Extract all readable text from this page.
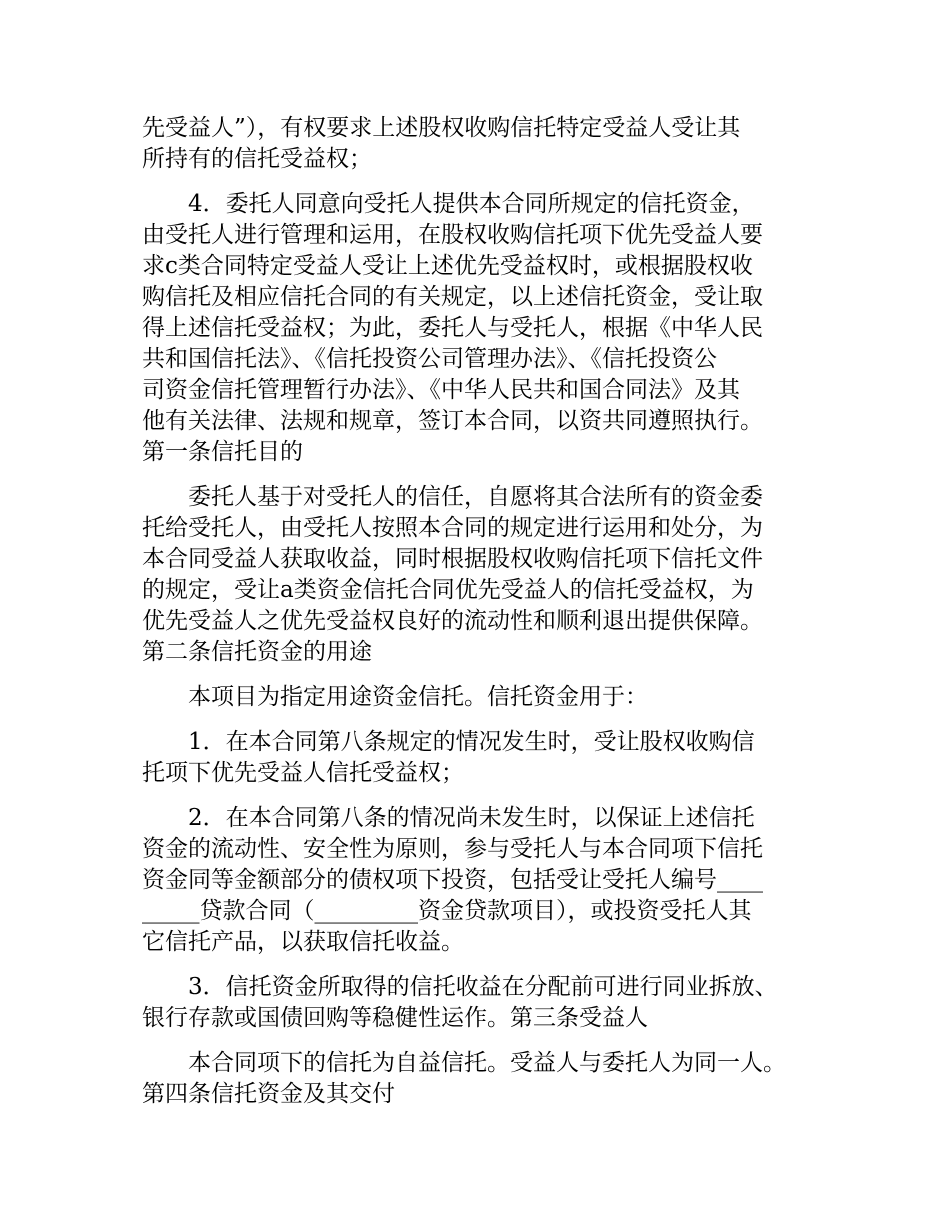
先受益人”），有权要求上述股权收购信托特定受益人受让其
所持有的信托受益权；

4．委托人同意向受托人提供本合同所规定的信托资金，
由受托人进行管理和运用，在股权收购信托项下优先受益人要
求c类合同特定受益人受让上述优先受益权时，或根据股权收
购信托及相应信托合同的有关规定，以上述信托资金，受让取
得上述信托受益权；为此，委托人与受托人，根据《中华人民
共和国信托法》、《信托投资公司管理办法》、《信托投资公
司资金信托管理暂行办法》、《中华人民共和国合同法》及其
他有关法律、法规和规章，签订本合同，以资共同遵照执行。
第一条信托目的

委托人基于对受托人的信任，自愿将其合法所有的资金委
托给受托人，由受托人按照本合同的规定进行运用和处分，为
本合同受益人获取收益，同时根据股权收购信托项下信托文件
的规定，受让a类资金信托合同优先受益人的信托受益权，为
优先受益人之优先受益权良好的流动性和顺利退出提供保障。
第二条信托资金的用途

本项目为指定用途资金信托。信托资金用于：

1．在本合同第八条规定的情况发生时，受让股权收购信
托项下优先受益人信托受益权；

2．在本合同第八条的情况尚未发生时，以保证上述信托
资金的流动性、安全性为原则，参与受托人与本合同项下信托
资金同等金额部分的债权项下投资，包括受让受托人编号____
_____贷款合同（_________资金贷款项目），或投资受托人其
它信托产品，以获取信托收益。

3．信托资金所取得的信托收益在分配前可进行同业拆放、
银行存款或国债回购等稳健性运作。第三条受益人

本合同项下的信托为自益信托。受益人与委托人为同一人。
第四条信托资金及其交付
